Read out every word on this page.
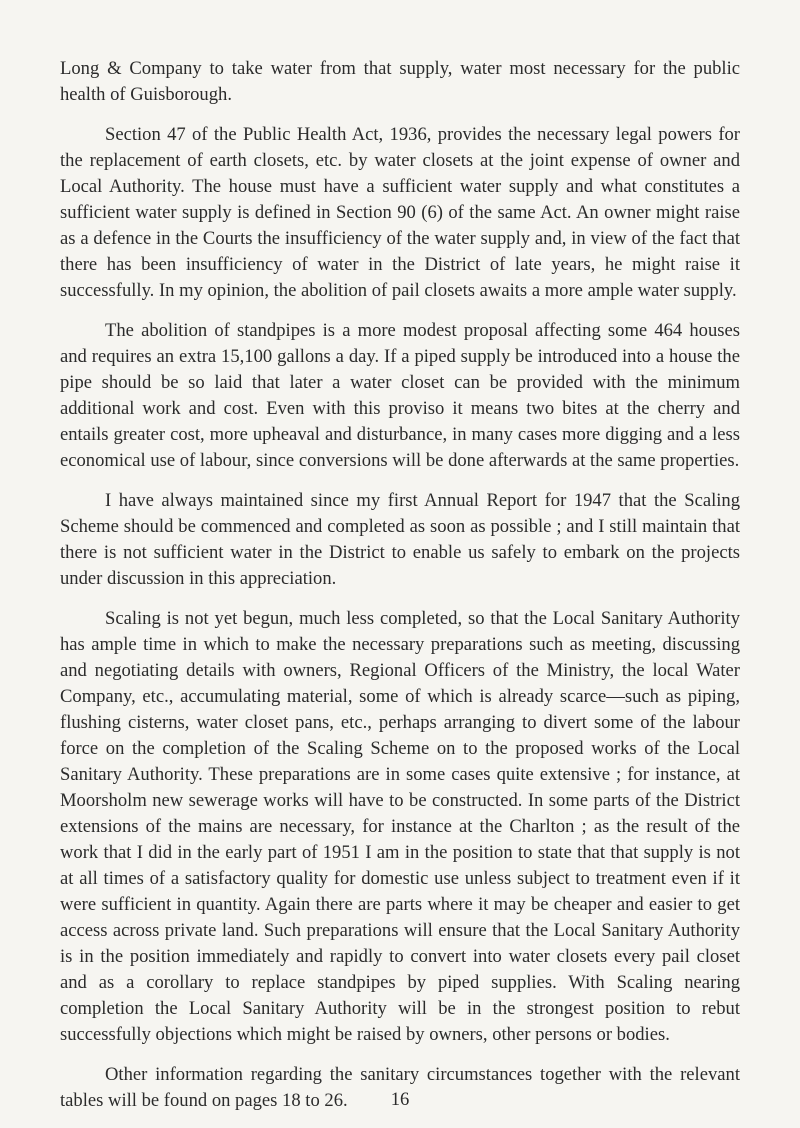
Long & Company to take water from that supply, water most necessary for the public health of Guisborough.

Section 47 of the Public Health Act, 1936, provides the necessary legal powers for the replacement of earth closets, etc. by water closets at the joint expense of owner and Local Authority. The house must have a sufficient water supply and what constitutes a sufficient water supply is defined in Section 90 (6) of the same Act. An owner might raise as a defence in the Courts the insufficiency of the water supply and, in view of the fact that there has been insufficiency of water in the District of late years, he might raise it successfully. In my opinion, the abolition of pail closets awaits a more ample water supply.

The abolition of standpipes is a more modest proposal affecting some 464 houses and requires an extra 15,100 gallons a day. If a piped supply be introduced into a house the pipe should be so laid that later a water closet can be provided with the minimum additional work and cost. Even with this proviso it means two bites at the cherry and entails greater cost, more upheaval and disturbance, in many cases more digging and a less economical use of labour, since conversions will be done afterwards at the same properties.

I have always maintained since my first Annual Report for 1947 that the Scaling Scheme should be commenced and completed as soon as possible ; and I still maintain that there is not sufficient water in the District to enable us safely to embark on the projects under discussion in this appreciation.

Scaling is not yet begun, much less completed, so that the Local Sanitary Authority has ample time in which to make the necessary preparations such as meeting, discussing and negotiating details with owners, Regional Officers of the Ministry, the local Water Company, etc., accumulating material, some of which is already scarce—such as piping, flushing cisterns, water closet pans, etc., perhaps arranging to divert some of the labour force on the completion of the Scaling Scheme on to the proposed works of the Local Sanitary Authority. These preparations are in some cases quite extensive ; for instance, at Moorsholm new sewerage works will have to be constructed. In some parts of the District extensions of the mains are necessary, for instance at the Charlton ; as the result of the work that I did in the early part of 1951 I am in the position to state that that supply is not at all times of a satisfactory quality for domestic use unless subject to treatment even if it were sufficient in quantity. Again there are parts where it may be cheaper and easier to get access across private land. Such preparations will ensure that the Local Sanitary Authority is in the position immediately and rapidly to convert into water closets every pail closet and as a corollary to replace standpipes by piped supplies. With Scaling nearing completion the Local Sanitary Authority will be in the strongest position to rebut successfully objections which might be raised by owners, other persons or bodies.

Other information regarding the sanitary circumstances together with the relevant tables will be found on pages 18 to 26.	16
